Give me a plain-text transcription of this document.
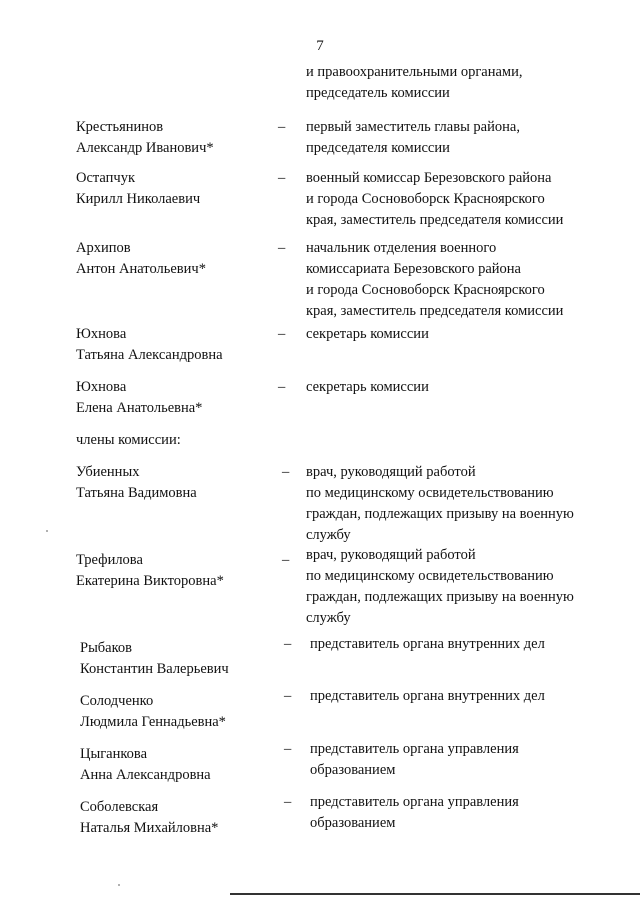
7
и правоохранительными органами,
председатель комиссии
Крестьянинов
Александр Иванович*
– первый заместитель главы района,
председателя комиссии
Остапчук
Кирилл Николаевич
– военный комиссар Березовского района
и города Сосновоборск Красноярского
края, заместитель председателя комиссии
Архипов
Антон Анатольевич*
– начальник отделения военного
комиссариата Березовского района
и города Сосновоборск Красноярского
края, заместитель председателя комиссии
Юхнова
Татьяна Александровна
– секретарь комиссии
Юхнова
Елена Анатольевна*
– секретарь комиссии
члены комиссии:
Убиенных
Татьяна Вадимовна
– врач, руководящий работой
по медицинскому освидетельствованию
граждан, подлежащих призыву на военную
службу
Трефилова
Екатерина Викторовна*
– врач, руководящий работой
по медицинскому освидетельствованию
граждан, подлежащих призыву на военную
службу
Рыбаков
Константин Валерьевич
– представитель органа внутренних дел
Солодченко
Людмила Геннадьевна*
– представитель органа внутренних дел
Цыганкова
Анна Александровна
– представитель органа управления
образованием
Соболевская
Наталья Михайловна*
– представитель органа управления
образованием
